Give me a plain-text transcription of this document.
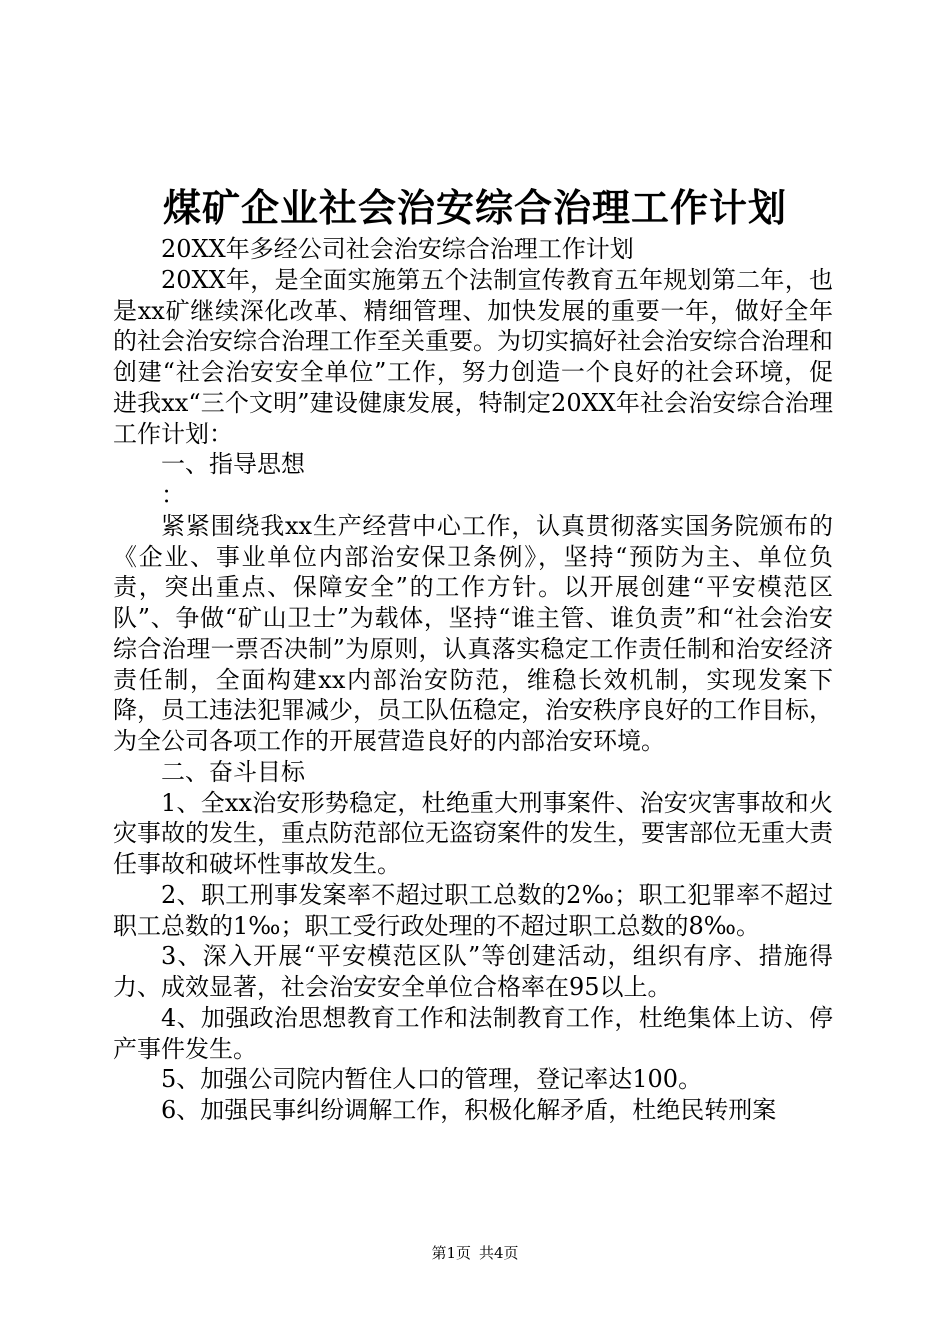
煤矿企业社会治安综合治理工作计划

20XX年多经公司社会治安综合治理工作计划

20XX年，是全面实施第五个法制宣传教育五年规划第二年，也是xx矿继续深化改革、精细管理、加快发展的重要一年，做好全年的社会治安综合治理工作至关重要。为切实搞好社会治安综合治理和创建“社会治安安全单位”工作，努力创造一个良好的社会环境，促进我xx“三个文明”建设健康发展，特制定20XX年社会治安综合治理工作计划：

一、指导思想

：

紧紧围绕我xx生产经营中心工作，认真贯彻落实国务院颁布的《企业、事业单位内部治安保卫条例》，坚持“预防为主、单位负责，突出重点、保障安全”的工作方针。以开展创建“平安模范区队”、争做“矿山卫士”为载体，坚持“谁主管、谁负责”和“社会治安综合治理一票否决制”为原则，认真落实稳定工作责任制和治安经济责任制，全面构建xx内部治安防范，维稳长效机制，实现发案下降，员工违法犯罪减少，员工队伍稳定，治安秩序良好的工作目标，为全公司各项工作的开展营造良好的内部治安环境。

二、奋斗目标

1、全xx治安形势稳定，杜绝重大刑事案件、治安灾害事故和火灾事故的发生，重点防范部位无盗窃案件的发生，要害部位无重大责任事故和破坏性事故发生。

2、职工刑事发案率不超过职工总数的2‰；职工犯罪率不超过职工总数的1‰；职工受行政处理的不超过职工总数的8‰。

3、深入开展“平安模范区队”等创建活动，组织有序、措施得力、成效显著，社会治安安全单位合格率在95以上。

4、加强政治思想教育工作和法制教育工作，杜绝集体上访、停产事件发生。

5、加强公司院内暂住人口的管理，登记率达100。

6、加强民事纠纷调解工作，积极化解矛盾，杜绝民转刑案

第1页 共4页
